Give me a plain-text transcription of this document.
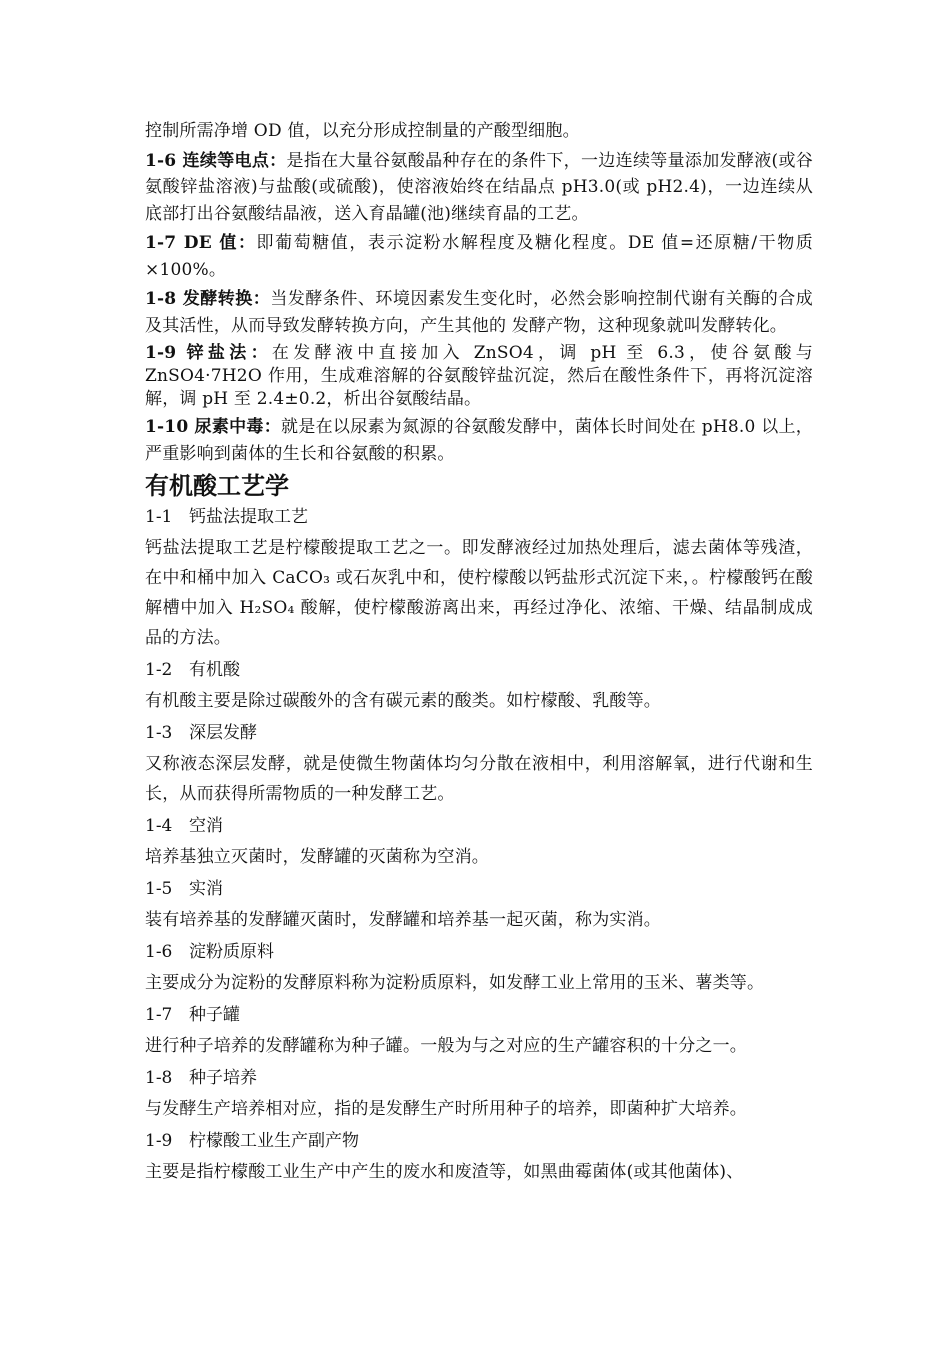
控制所需净增 OD 值，以充分形成控制量的产酸型细胞。

1-6 连续等电点：是指在大量谷氨酸晶种存在的条件下，一边连续等量添加发酵液(或谷氨酸锌盐溶液)与盐酸(或硫酸)，使溶液始终在结晶点 pH3.0(或 pH2.4)，一边连续从底部打出谷氨酸结晶液，送入育晶罐(池)继续育晶的工艺。

1-7 DE 值：即葡萄糖值，表示淀粉水解程度及糖化程度。DE 值=还原糖/干物质×100%。

1-8 发酵转换：当发酵条件、环境因素发生变化时，必然会影响控制代谢有关酶的合成及其活性，从而导致发酵转换方向，产生其他的 发酵产物，这种现象就叫发酵转化。

1-9 锌盐法：在发酵液中直接加入 ZnSO4，调 pH 至 6.3，使谷氨酸与 ZnSO4·7H2O 作用，生成难溶解的谷氨酸锌盐沉淀，然后在酸性条件下，再将沉淀溶解，调 pH 至 2.4±0.2，析出谷氨酸结晶。

1-10 尿素中毒：就是在以尿素为氮源的谷氨酸发酵中，菌体长时间处在 pH8.0 以上，严重影响到菌体的生长和谷氨酸的积累。

有机酸工艺学
1-1 钙盐法提取工艺

钙盐法提取工艺是柠檬酸提取工艺之一。即发酵液经过加热处理后，滤去菌体等残渣，在中和桶中加入 CaCO₃ 或石灰乳中和，使柠檬酸以钙盐形式沉淀下来，。柠檬酸钙在酸解槽中加入 H₂SO₄ 酸解，使柠檬酸游离出来，再经过净化、浓缩、干燥、结晶制成成品的方法。

1-2 有机酸

有机酸主要是除过碳酸外的含有碳元素的酸类。如柠檬酸、乳酸等。

1-3 深层发酵

又称液态深层发酵，就是使微生物菌体均匀分散在液相中，利用溶解氧，进行代谢和生长，从而获得所需物质的一种发酵工艺。

1-4 空消

培养基独立灭菌时，发酵罐的灭菌称为空消。

1-5 实消

装有培养基的发酵罐灭菌时，发酵罐和培养基一起灭菌，称为实消。

1-6 淀粉质原料

主要成分为淀粉的发酵原料称为淀粉质原料，如发酵工业上常用的玉米、薯类等。

1-7 种子罐

进行种子培养的发酵罐称为种子罐。一般为与之对应的生产罐容积的十分之一。

1-8 种子培养

与发酵生产培养相对应，指的是发酵生产时所用种子的培养，即菌种扩大培养。

1-9 柠檬酸工业生产副产物

主要是指柠檬酸工业生产中产生的废水和废渣等，如黑曲霉菌体(或其他菌体)、
